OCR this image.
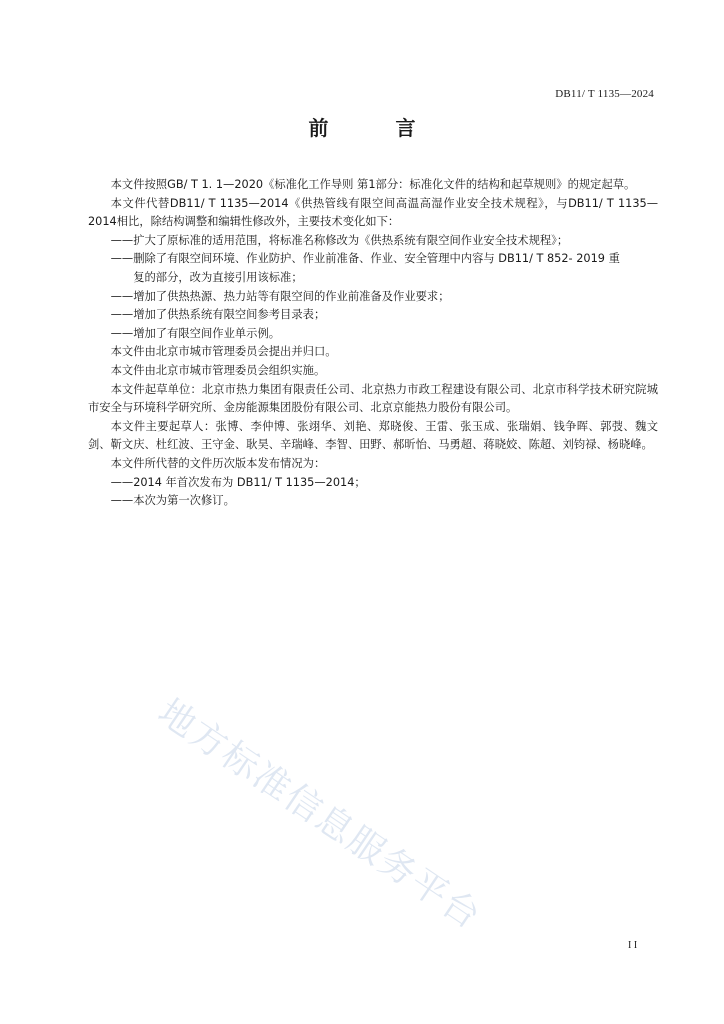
DB11/ T 1135—2024
前 言

本文件按照GB/ T 1. 1—2020《标准化工作导则 第1部分：标准化文件的结构和起草规则》的规定起草。

本文件代替DB11/ T 1135—2014《供热管线有限空间高温高湿作业安全技术规程》，与DB11/ T 1135—2014相比，除结构调整和编辑性修改外，主要技术变化如下：

——扩大了原标准的适用范围，将标准名称修改为《供热系统有限空间作业安全技术规程》；

——删除了有限空间环境、作业防护、作业前准备、作业、安全管理中内容与 DB11/ T 852- 2019 重
复的部分，改为直接引用该标准；

——增加了供热热源、热力站等有限空间的作业前准备及作业要求；

——增加了供热系统有限空间参考目录表；

——增加了有限空间作业单示例。

本文件由北京市城市管理委员会提出并归口。

本文件由北京市城市管理委员会组织实施。

本文件起草单位：北京市热力集团有限责任公司、北京热力市政工程建设有限公司、北京市科学技术研究院城市安全与环境科学研究所、金房能源集团股份有限公司、北京京能热力股份有限公司。

本文件主要起草人：张博、李仲博、张翊华、刘艳、郑晓俊、王雷、张玉成、张瑞娟、钱争晖、郭弢、魏文剑、靳文庆、杜红波、王守金、耿昊、辛瑞峰、李智、田野、郝昕怡、马勇超、蒋晓姣、陈超、刘钧禄、杨晓峰。

本文件所代替的文件历次版本发布情况为：

——2014 年首次发布为 DB11/ T 1135—2014；

——本次为第一次修订。

地方标准信息服务平台
I I
